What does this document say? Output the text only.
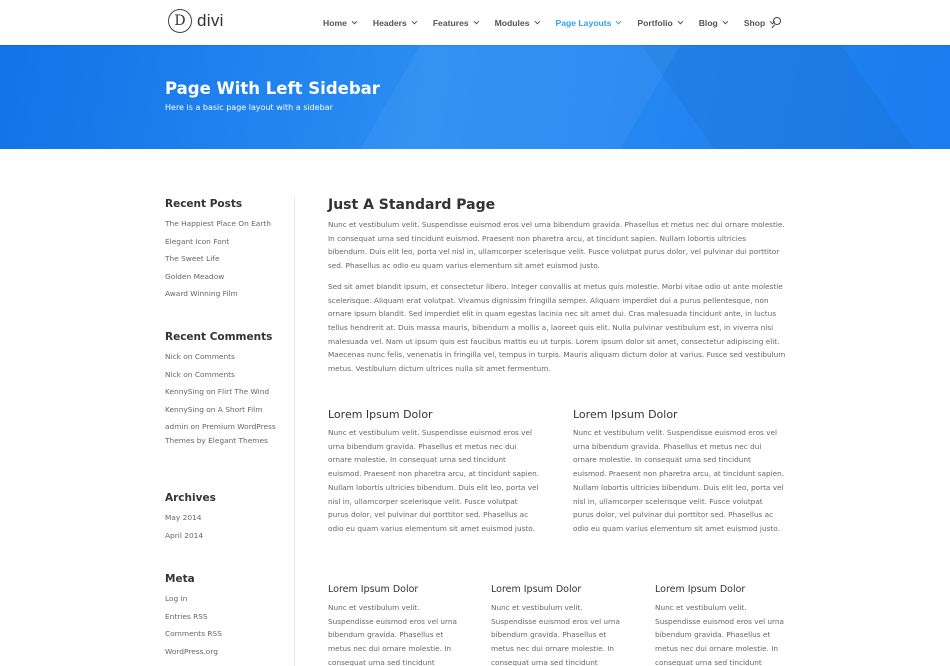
D divi	Home	Headers	Features	Modules	Page Layouts	Portfolio	Blog	Shop
Page With Left Sidebar

Here is a basic page layout with a sidebar

Recent Posts
The Happiest Place On Earth
Elegant Icon Font
The Sweet Life
Golden Meadow
Award Winning Film
Recent Comments
Nick on Comments
Nick on Comments
KennySing on Flirt The Wind
KennySing on A Short Film
admin on Premium WordPress Themes by Elegant Themes
Archives
May 2014
April 2014
Meta
Log in
Entries RSS
Comments RSS
WordPress.org
Just A Standard Page

Nunc et vestibulum velit. Suspendisse euismod eros vel urna bibendum gravida. Phasellus et metus nec dui ornare molestie. In consequat urna sed tincidunt euismod. Praesent non pharetra arcu, at tincidunt sapien. Nullam lobortis ultricies bibendum. Duis elit leo, porta vel nisl in, ullamcorper scelerisque velit. Fusce volutpat purus dolor, vel pulvinar dui porttitor sed. Phasellus ac odio eu quam varius elementum sit amet euismod justo.

Sed sit amet blandit ipsum, et consectetur libero. Integer convallis at metus quis molestie. Morbi vitae odio ut ante molestie scelerisque. Aliquam erat volutpat. Vivamus dignissim fringilla semper. Aliquam imperdiet dui a purus pellentesque, non ornare ipsum blandit. Sed imperdiet elit in quam egestas lacinia nec sit amet dui. Cras malesuada tincidunt ante, in luctus tellus hendrerit at. Duis massa mauris, bibendum a mollis a, laoreet quis elit. Nulla pulvinar vestibulum est, in viverra nisi malesuada vel. Nam ut ipsum quis est faucibus mattis eu ut turpis. Lorem ipsum dolor sit amet, consectetur adipiscing elit. Maecenas nunc felis, venenatis in fringilla vel, tempus in turpis. Mauris aliquam dictum dolor at varius. Fusce sed vestibulum metus. Vestibulum dictum ultrices nulla sit amet fermentum.

Lorem Ipsum Dolor

Nunc et vestibulum velit. Suspendisse euismod eros vel urna bibendum gravida. Phasellus et metus nec dui ornare molestie. In consequat urna sed tincidunt euismod. Praesent non pharetra arcu, at tincidunt sapien. Nullam lobortis ultricies bibendum. Duis elit leo, porta vel nisl in, ullamcorper scelerisque velit. Fusce volutpat purus dolor, vel pulvinar dui porttitor sed. Phasellus ac odio eu quam varius elementum sit amet euismod justo.

Lorem Ipsum Dolor

Nunc et vestibulum velit. Suspendisse euismod eros vel urna bibendum gravida. Phasellus et metus nec dui ornare molestie. In consequat urna sed tincidunt euismod. Praesent non pharetra arcu, at tincidunt sapien. Nullam lobortis ultricies bibendum. Duis elit leo, porta vel nisl in, ullamcorper scelerisque velit. Fusce volutpat purus dolor, vel pulvinar dui porttitor sed. Phasellus ac odio eu quam varius elementum sit amet euismod justo.

Lorem Ipsum Dolor

Nunc et vestibulum velit. Suspendisse euismod eros vel urna bibendum gravida. Phasellus et metus nec dui ornare molestie. In consequat urna sed tincidunt

Lorem Ipsum Dolor

Nunc et vestibulum velit. Suspendisse euismod eros vel urna bibendum gravida. Phasellus et metus nec dui ornare molestie. In consequat urna sed tincidunt

Lorem Ipsum Dolor

Nunc et vestibulum velit. Suspendisse euismod eros vel urna bibendum gravida. Phasellus et metus nec dui ornare molestie. In consequat urna sed tincidunt
